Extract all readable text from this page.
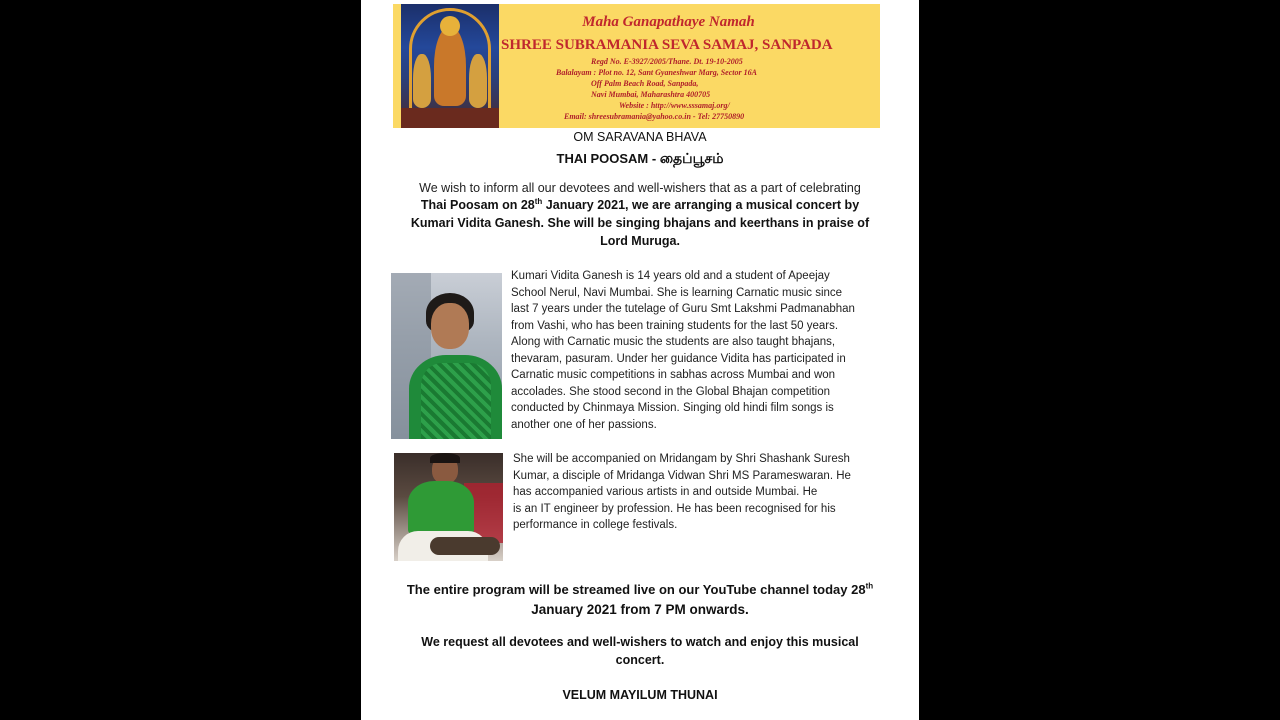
Maha Ganapathaye Namah
SHREE SUBRAMANIA SEVA SAMAJ, SANPADA
Regd No. E-3927/2005/Thane. Dt. 19-10-2005
Balalayam : Plot no. 12, Sant Gyaneshwar Marg, Sector 16A
Off Palm Beach Road, Sanpada,
Navi Mumbai, Maharashtra 400705
Website : http://www.sssamaj.org/
Email: shreesubramania@yahoo.co.in - Tel: 27750890
OM SARAVANA BHAVA
THAI POOSAM - தைப்பூசம்
We wish to inform all our devotees and well-wishers that as a part of celebrating
Thai Poosam on 28th January 2021, we are arranging a musical concert by
Kumari Vidita Ganesh. She will be singing bhajans and keerthans in praise of
Lord Muruga.
Kumari Vidita Ganesh is 14 years old and a student of Apeejay
School Nerul, Navi Mumbai. She is learning Carnatic music since
last 7 years under the tutelage of Guru Smt Lakshmi Padmanabhan
from Vashi, who has been training students for the last 50 years.
Along with Carnatic music the students are also taught bhajans,
thevaram, pasuram. Under her guidance Vidita has participated in
Carnatic music competitions in sabhas across Mumbai and won
accolades. She stood second in the Global Bhajan competition
conducted by Chinmaya Mission. Singing old hindi film songs is
another one of her passions.
She will be accompanied on Mridangam by Shri Shashank Suresh
Kumar, a disciple of Mridanga Vidwan Shri MS Parameswaran. He
has accompanied various artists in and outside Mumbai. He
is an IT engineer by profession. He has been recognised for his
performance in college festivals.
The entire program will be streamed live on our YouTube channel today 28th
January 2021 from 7 PM onwards.
We request all devotees and well-wishers to watch and enjoy this musical
concert.
VELUM MAYILUM THUNAI
